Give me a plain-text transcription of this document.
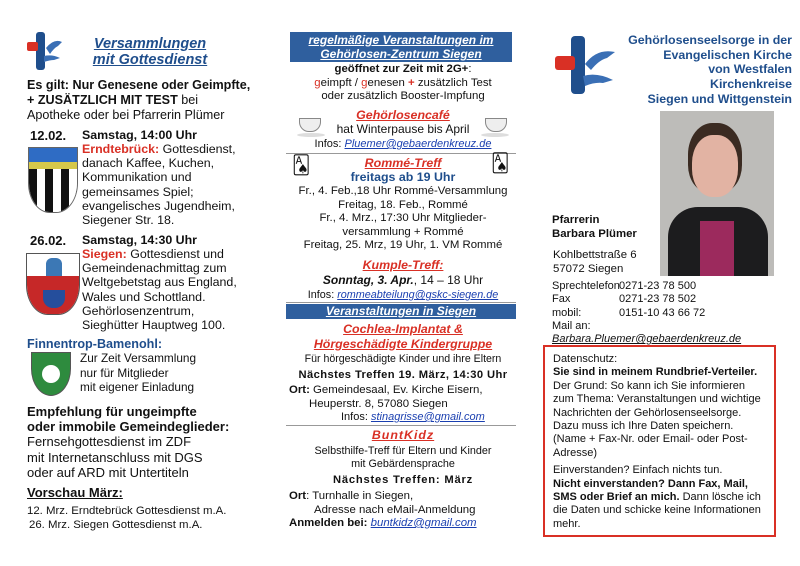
Versammlungen
mit Gottesdienst
Es gilt: Nur Genesene oder Geimpfte,
+ ZUSÄTZLICH MIT TEST bei
Apotheke oder bei Pfarrerin Plümer
12.02. Samstag, 14:00 Uhr
Erndtebrück: Gottesdienst,
danach Kaffee, Kuchen,
Kommunikation und
gemeinsames Spiel;
evangelisches Jugendheim,
Siegener Str. 18.
26.02. Samstag, 14:30 Uhr
Siegen: Gottesdienst und
Gemeindenachmittag zum
Weltgebetstag aus England,
Wales und Schottland.
Gehörlosenzentrum,
Sieghütter Hauptweg 100.
Finnentrop-Bamenohl:
Zur Zeit Versammlung
nur für Mitglieder
mit eigener Einladung
Empfehlung für ungeimpfte
oder immobile Gemeindeglieder:
Fernsehgottesdienst im ZDF
mit Internetanschluss mit DGS
oder auf ARD mit Untertiteln
Vorschau März:
12. Mrz. Erndtebrück Gottesdienst m.A.
26. Mrz. Siegen Gottesdienst m.A.
regelmäßige Veranstaltungen im
Gehörlosen-Zentrum Siegen
geöffnet zur Zeit mit 2G+:
geimpft / genesen + zusätzlich Test
oder zusätzlich Booster-Impfung
Gehörlosencafé
hat Winterpause bis April
Infos: Pluemer@gebaerdenkreuz.de
🂡	🂡
Rommé-Treff
freitags ab 19 Uhr
Fr., 4. Feb.,18 Uhr Rommé-Versammlung
Freitag, 18. Feb., Rommé
Fr., 4. Mrz., 17:30 Uhr Mitglieder-
versammlung + Rommé
Freitag, 25. Mrz, 19 Uhr, 1. VM Rommé
Kumple-Treff:
Sonntag, 3. Apr., 14 – 18 Uhr
Infos: rommeabteilung@gskc-siegen.de
Veranstaltungen in Siegen
Cochlea-Implantat &
Hörgeschädigte Kindergruppe
Für hörgeschädigte Kinder und ihre Eltern
Nächstes Treffen 19. März, 14:30 Uhr
Ort: Gemeindesaal, Ev. Kirche Eisern,
Heuperstr. 8, 57080 Siegen
Infos: stinagrisse@gmail.com
BuntKidz
Selbsthilfe-Treff für Eltern und Kinder
mit Gebärdensprache
Nächstes Treffen: März
Ort: Turnhalle in Siegen,
Adresse nach eMail-Anmeldung
Anmelden bei: buntkidz@gmail.com
Gehörlosenseelsorge in der
Evangelischen Kirche
von Westfalen
Kirchenkreise
Siegen und Wittgenstein
Pfarrerin
Barbara Plümer
Kohlbettstraße 6
57072 Siegen
Sprechtelefon 0271-23 78 500
Fax	0271-23 78 502
mobil:	0151-10 43 66 72
Mail an:
Barbara.Pluemer@gebaerdenkreuz.de
Datenschutz:
Sie sind in meinem Rundbrief-Verteiler.
Der Grund: So kann ich Sie informieren zum Thema: Veranstaltungen und wichtige Nachrichten der Gehörlosenseelsorge. Dazu muss ich Ihre Daten speichern. (Name + Fax-Nr. oder Email- oder Post-Adresse)
Einverstanden? Einfach nichts tun.
Nicht einverstanden? Dann Fax, Mail, SMS oder Brief an mich. Dann lösche ich die Daten und schicke keine Informationen mehr.
